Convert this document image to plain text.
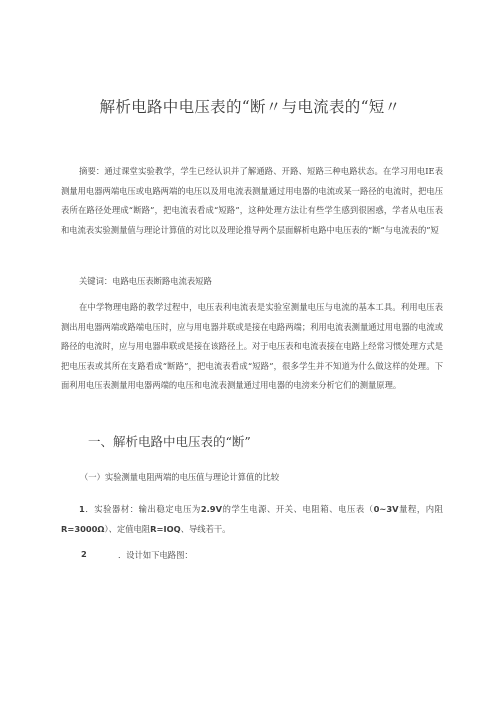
解析电路中电压表的“断〃与电流表的“短〃

摘要：通过课堂实验教学，学生已经认识并了解通路、开路、短路三种电路状态。在学习用电IE表测量用电器两端电压或电路两端的电压以及用电流表测量通过用电器的电流或某一路径的电流时，把电压表所在路径处理成“断路”，把电流表看成“短路”，这种处理方法让有些学生感到很困惑，学者从电压表和电流表实验测量值与理论计算值的对比以及理论推导两个层面解析电路中电压表的“断”与电流表的”短

关键词：电路电压表断路电流表短路

在中学物理电路的教学过程中，电压表利电流表是实验室测量电压与电流的基本工具。利用电压表测出用电器两端或路端电压时，应与用电器并联或是接在电路两端；利用电流表测量通过用电器的电流或路径的电流时，应与用电器串联或是接在该路径上。对于电压表和电流表接在电路上经常习惯处理方式是把电压表或其所在支路看成“断路”，把电流表看成“短路”，很多学生并不知道为什么做这样的处理。下面利用电压表测量用电器两端的电压和电流表测量通过用电器的电滂来分析它们的测量原理。

一、解析电路中电压表的“断”
（一）实验测量电阻两端的电压值与理论计算值的比较

1．实验器材：输出稳定电压为2.9V的学生电源、开关、电阻箱、电压表（0~3V量程，内阻R=3000Ω）、定值电阻R=IOQ、导线若干。

2	．设计如下电路图：
